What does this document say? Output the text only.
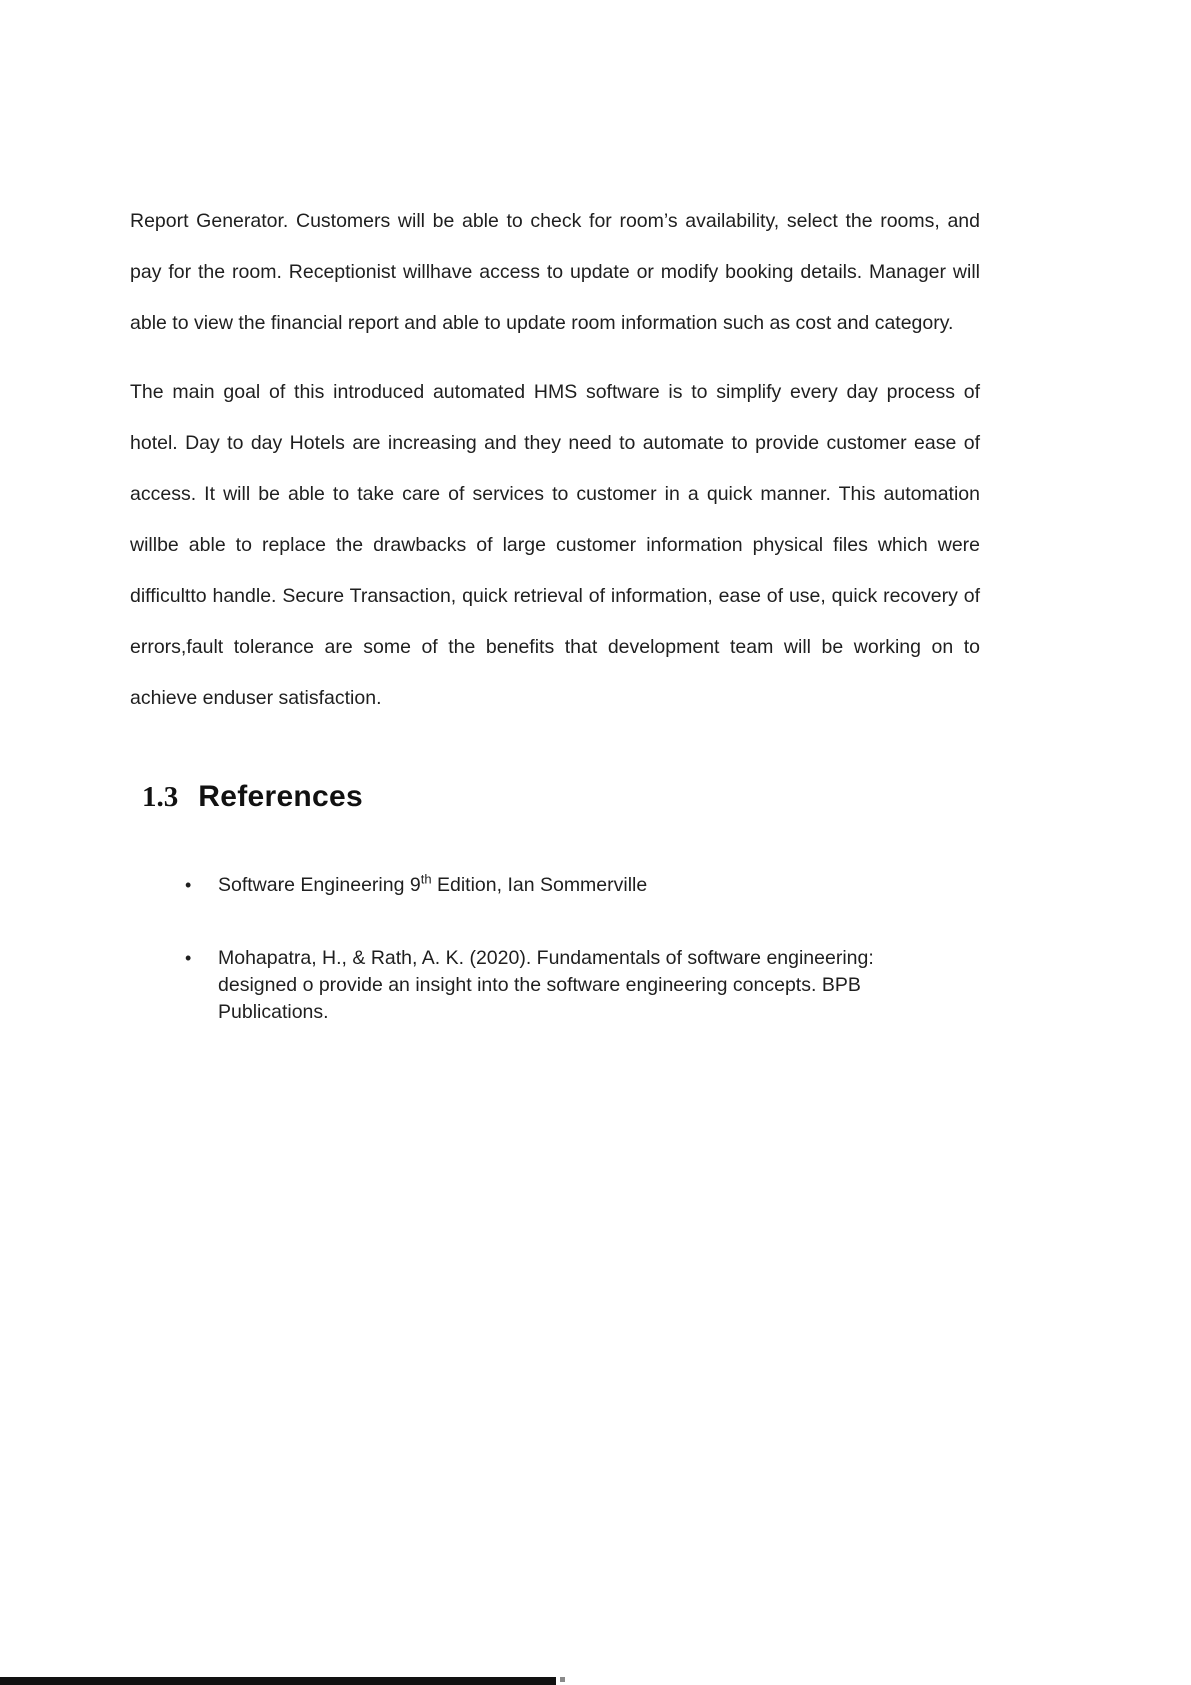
Report Generator. Customers will be able to check for room’s availability, select the rooms, and pay for the room. Receptionist willhave access to update or modify booking details. Manager will able to view the financial report and able to update room information such as cost and category.

The main goal of this introduced automated HMS software is to simplify every day process of hotel. Day to day Hotels are increasing and they need to automate to provide customer ease of access. It will be able to take care of services to customer in a quick manner. This automation willbe able to replace the drawbacks of large customer information physical files which were difficultto handle. Secure Transaction, quick retrieval of information, ease of use, quick recovery of errors,fault tolerance are some of the benefits that development team will be working on to achieve enduser satisfaction.

1.3 References
•	Software Engineering 9th Edition, Ian Sommerville
•	Mohapatra, H., & Rath, A. K. (2020). Fundamentals of software engineering: designed o provide an insight into the software engineering concepts. BPB Publications.
